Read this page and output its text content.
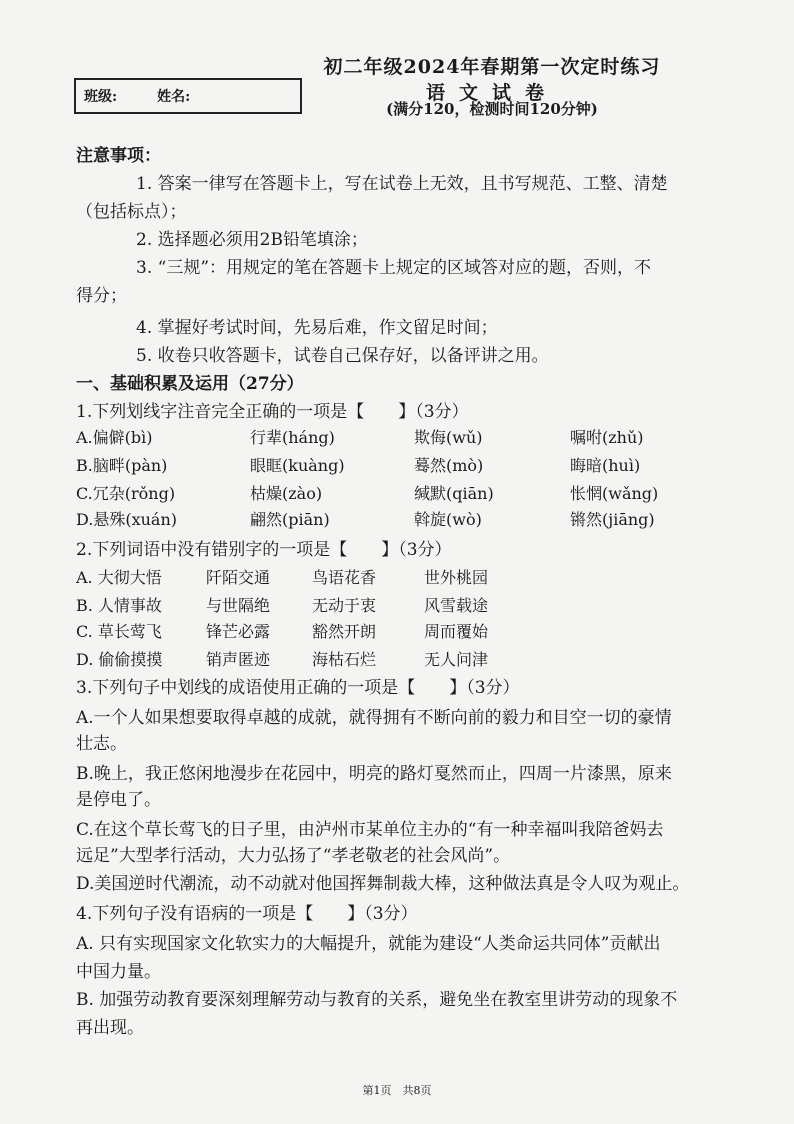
班级:	姓名:
初二年级2024年春期第一次定时练习
语文试卷
(满分120，检测时间120分钟)
注意事项：
1. 答案一律写在答题卡上，写在试卷上无效，且书写规范、工整、清楚
（包括标点）；
2. 选择题必须用2B铅笔填涂；
3. “三规”：用规定的笔在答题卡上规定的区域答对应的题，否则，不
得分；
4. 掌握好考试时间，先易后难，作文留足时间；
5. 收卷只收答题卡，试卷自己保存好，以备评讲之用。
一、基础积累及运用（27分）
1.下列划线字注音完全正确的一项是【　　】（3分）
A.偏僻(bì)	行辈(háng)	欺侮(wǔ)	嘱咐(zhǔ)
B.脑畔(pàn)	眼眶(kuàng)	蓦然(mò)	晦暗(huì)
C.冗杂(rǒng)	枯燥(zào)	缄默(qiān)	怅惘(wǎng)
D.悬殊(xuán)	翩然(piān)	斡旋(wò)	锵然(jiāng)
2.下列词语中没有错别字的一项是【　　】（3分）
A. 大彻大悟	阡陌交通	鸟语花香	世外桃园
B. 人情事故	与世隔绝	无动于衷	风雪载途
C. 草长莺飞	锋芒必露	豁然开朗	周而覆始
D. 偷偷摸摸	销声匿迹	海枯石烂	无人问津
3.下列句子中划线的成语使用正确的一项是【　　】（3分）
A.一个人如果想要取得卓越的成就，就得拥有不断向前的毅力和目空一切的豪情
壮志。
B.晚上，我正悠闲地漫步在花园中，明亮的路灯戛然而止，四周一片漆黑，原来
是停电了。
C.在这个草长莺飞的日子里，由泸州市某单位主办的“有一种幸福叫我陪爸妈去
远足”大型孝行活动，大力弘扬了“孝老敬老的社会风尚”。
D.美国逆时代潮流，动不动就对他国挥舞制裁大棒，这种做法真是令人叹为观止。
4.下列句子没有语病的一项是【　　】（3分）
A. 只有实现国家文化软实力的大幅提升，就能为建设“人类命运共同体”贡献出
中国力量。
B. 加强劳动教育要深刻理解劳动与教育的关系，避免坐在教室里讲劳动的现象不
再出现。
第1页　共8页
